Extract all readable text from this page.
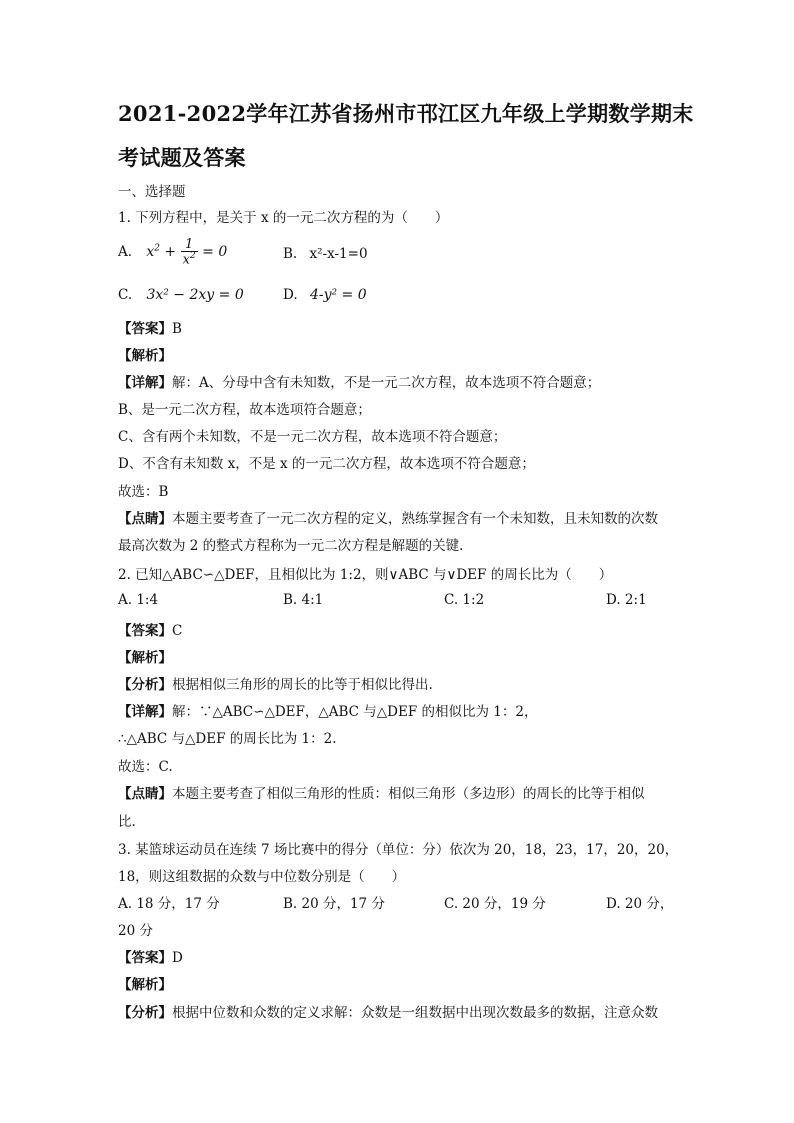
2021-2022学年江苏省扬州市邗江区九年级上学期数学期末
考试题及答案
一、选择题
1. 下列方程中，是关于 x 的一元二次方程的为（　　）
A. $x^2 + \frac{1}{x^2} = 0$	B. x²-x-1=0
C. 3x² − 2xy = 0	D. 4-y² = 0
【答案】B
【解析】
【详解】解：A、分母中含有未知数，不是一元二次方程，故本选项不符合题意；
B、是一元二次方程，故本选项符合题意；
C、含有两个未知数，不是一元二次方程，故本选项不符合题意；
D、不含有未知数 x，不是 x 的一元二次方程，故本选项不符合题意；
故选：B
【点睛】本题主要考查了一元二次方程的定义，熟练掌握含有一个未知数，且未知数的次数
最高次数为 2 的整式方程称为一元二次方程是解题的关键.
2. 已知△ABC∽△DEF，且相似比为 1:2，则∨ABC 与∨DEF 的周长比为（　　）
A. 1:4	B. 4:1	C. 1:2	D. 2:1
【答案】C
【解析】
【分析】根据相似三角形的周长的比等于相似比得出.
【详解】解：∵△ABC∽△DEF，△ABC 与△DEF 的相似比为 1：2，
∴△ABC 与△DEF 的周长比为 1：2.
故选：C.
【点睛】本题主要考查了相似三角形的性质：相似三角形（多边形）的周长的比等于相似
比.
3. 某篮球运动员在连续 7 场比赛中的得分（单位：分）依次为 20，18，23，17，20，20，
18，则这组数据的众数与中位数分别是（　　）
A. 18 分，17 分	B. 20 分，17 分	C. 20 分，19 分	D. 20 分，
20 分
【答案】D
【解析】
【分析】根据中位数和众数的定义求解：众数是一组数据中出现次数最多的数据，注意众数
